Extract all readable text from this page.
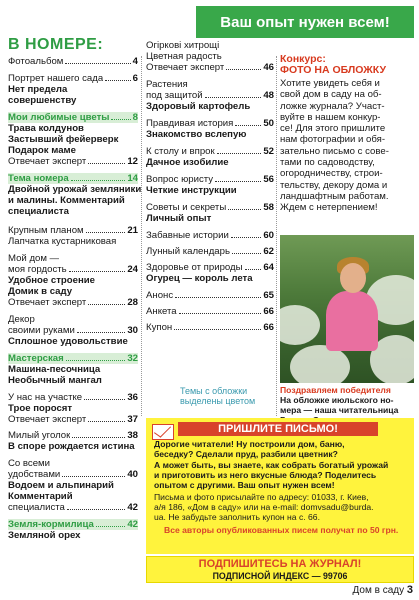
Ваш опыт нужен всем!
В НОМЕРЕ:
Фотоальбом	4
Портрет нашего сада	6
Нет предела
совершенству
Мои любимые цветы 8
Трава колдунов
Застывший фейерверк
Подарок маме
Отвечает эксперт	12
Тема номера	14
Двойной урожай земляники
и малины. Комментарий
специалиста
Крупным планом	21
Лапчатка кустарниковая
Мой дом —
моя гордость	24
Удобное строение
Домик в саду
Отвечает эксперт	28
Декор
своими руками	30
Сплошное удовольствие
Мастерская	32
Машина-песочница
Необычный мангал
У нас на участке	36
Трое поросят
Отвечает эксперт	37
Милый уголок	38
В споре рождается истина
Со всеми
удобствами	40
Водоем и альпинарий
Комментарий
специалиста	42
Земля-кормилица	42
Земляной орех
Огіркові хитрощі
Цветная радость
Отвечает эксперт	46
Растения
под защитой	48
Здоровый картофель
Правдивая история	50
Знакомство вслепую
К столу и впрок	52
Дачное изобилие
Вопрос юристу	56
Четкие инструкции
Советы и секреты	58
Личный опыт
Забавные истории	60
Лунный календарь	62
Здоровье от природы 64
Огурец — король лета
Анонс	65
Анкета	66
Купон	66
Темы с обложки выделены цветом
Конкурс:
ФОТО НА ОБЛОЖКУ

Хотите увидеть себя и
свой дом в саду на об-
ложке журнала? Участ-
вуйте в нашем конкур-
се! Для этого пришлите
нам фотографии и обя-
зательно письмо с сове-
тами по садоводству,
огородничеству, строи-
тельству, декору дома и
ландшафтным работам.
Ждем с нетерпением!

Поздравляем победителя
На обложке июльского но-
мера — наша читательница
ПРИШЛИТЕ ПИСЬМО!
Дорогие читатели! Ну построили дом, баню,
беседку? Сделали пруд, разбили цветник?
А может быть, вы знаете, как собрать богатый урожай
и приготовить из него вкусные блюда? Поделитесь
опытом с другими. Ваш опыт нужен всем!
Письма и фото присылайте по адресу: 01033, г. Киев,
а/я 186, «Дом в саду» или на e-mail: domvsadu@burda.
ua. Не забудьте заполнить купон на с. 66.
Все авторы опубликованных писем получат по 50 грн.
ПОДПИШИТЕСЬ НА ЖУРНАЛ!
ПОДПИСНОЙ ИНДЕКС — 99706
Дом в саду 3
